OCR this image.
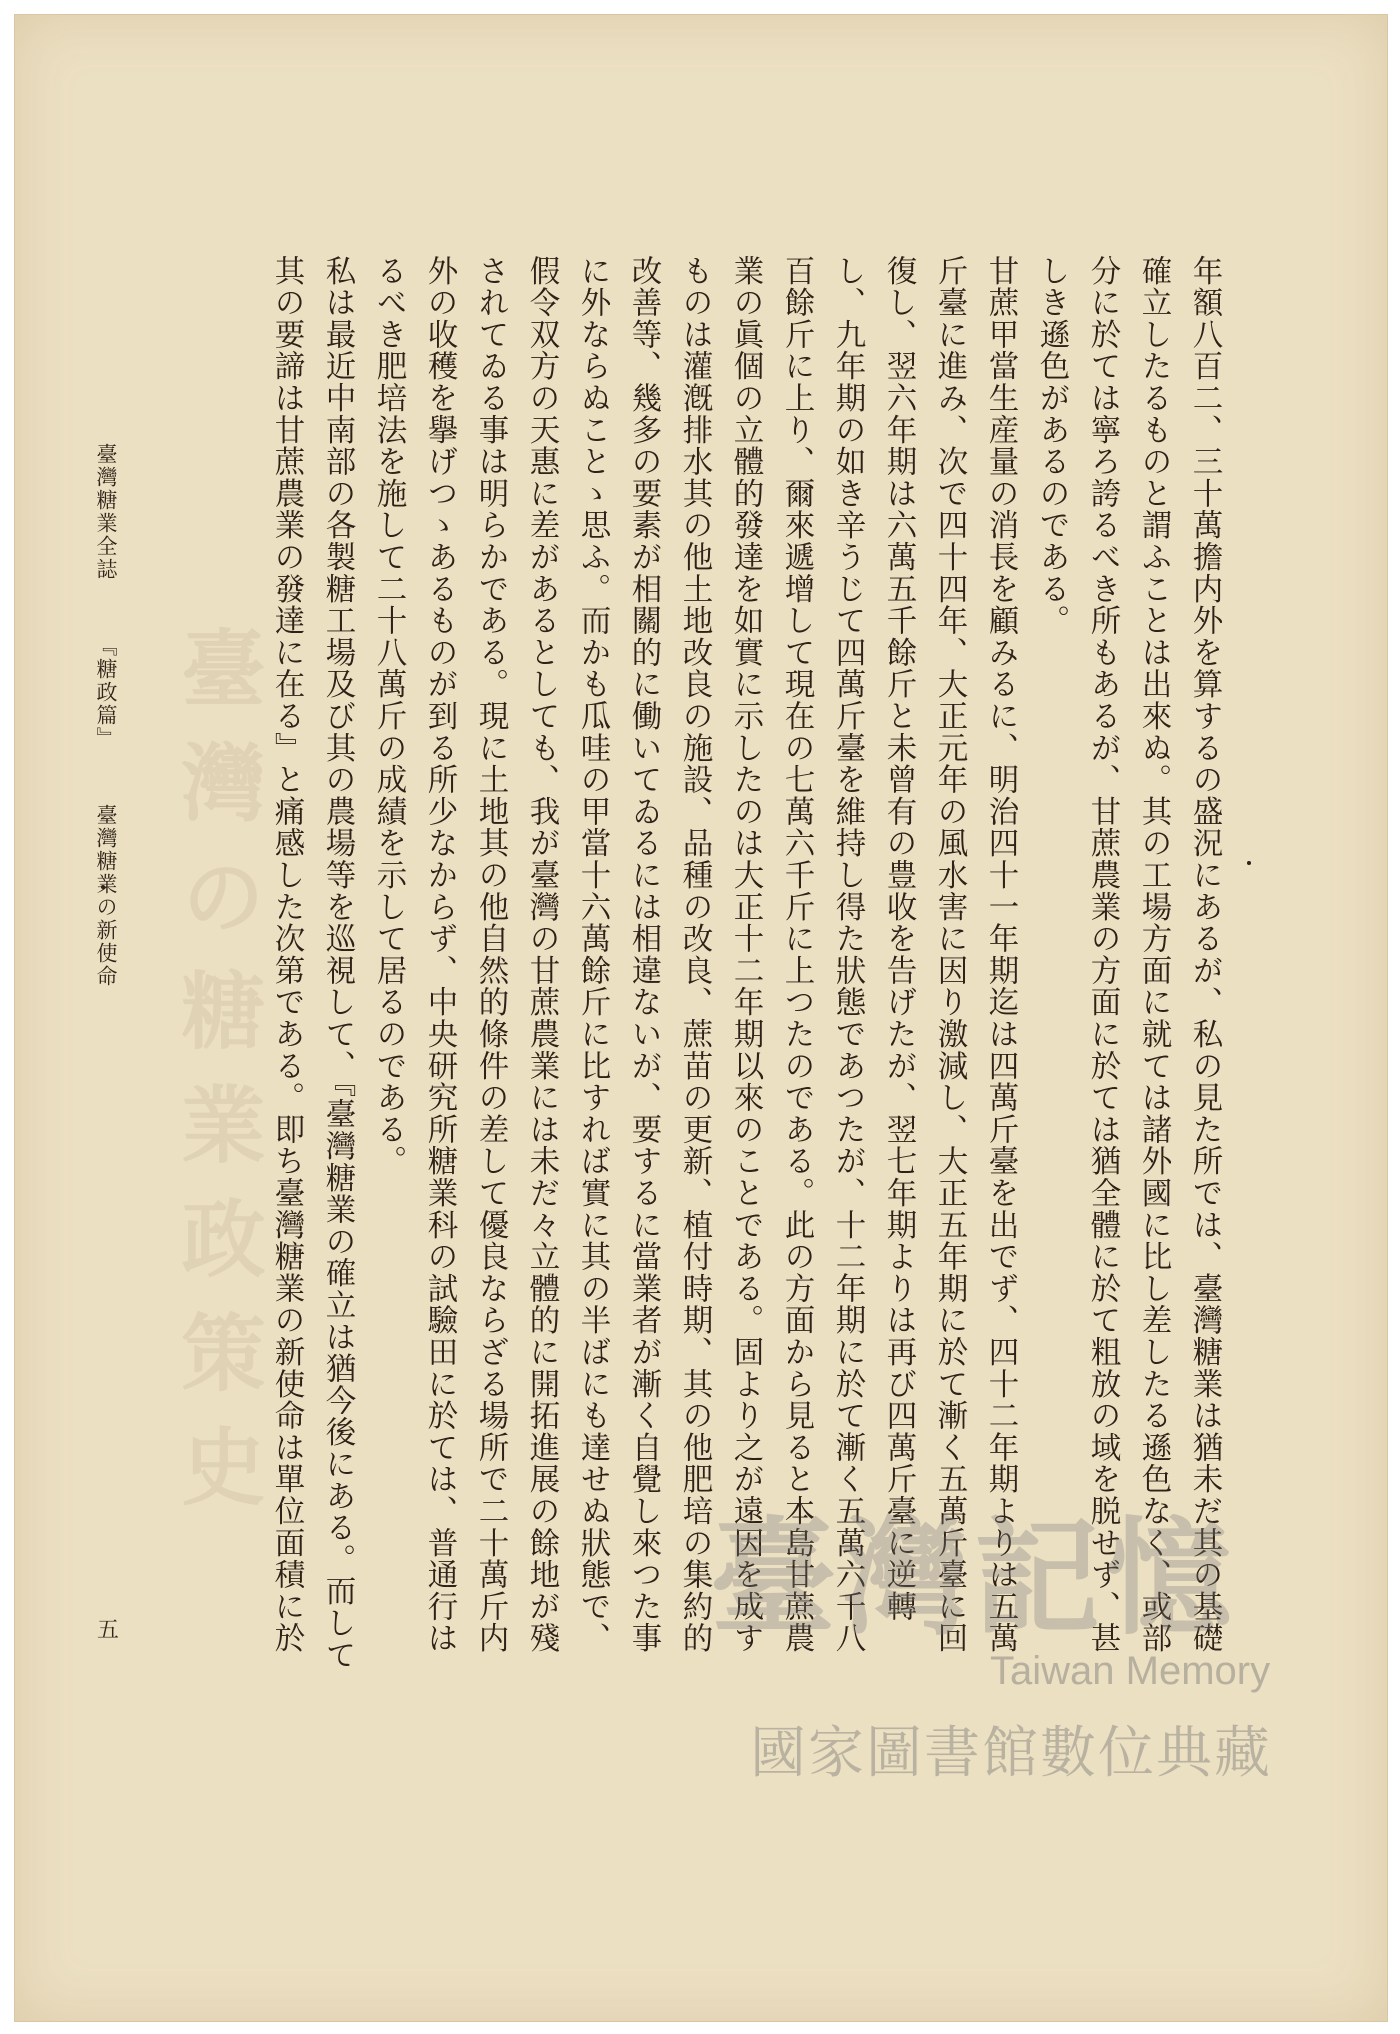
臺灣の糖業政策史	年額八百二、三十萬擔内外を算するの盛況にあるが、私の見た所では、臺灣糖業は猶未だ其の基礎確立したるものと謂ふことは出來ぬ。其の工場方面に就ては諸外國に比し差したる遜色なく、或部分に於ては寧ろ誇るべき所もあるが、甘蔗農業の方面に於ては猶全體に於て粗放の域を脱せず、甚しき遜色があるのである。

甘蔗甲當生産量の消長を顧みるに、明治四十一年期迄は四萬斤臺を出でず、四十二年期よりは五萬斤臺に進み、次で四十四年、大正元年の風水害に因り激減し、大正五年期に於て漸く五萬斤臺に回復し、翌六年期は六萬五千餘斤と未曾有の豊收を告げたが、翌七年期よりは再び四萬斤臺に逆轉し、九年期の如き辛うじて四萬斤臺を維持し得た狀態であつたが、十二年期に於て漸く五萬六千八百餘斤に上り、爾來遞增して現在の七萬六千斤に上つたのである。此の方面から見ると本島甘蔗農業の眞個の立體的發達を如實に示したのは大正十二年期以來のことである。固より之が遠因を成すものは灌漑排水其の他土地改良の施設、品種の改良、蔗苗の更新、植付時期、其の他肥培の集約的改善等、幾多の要素が相關的に働いてゐるには相違ないが、要するに當業者が漸く自覺し來つた事に外ならぬことゝ思ふ。而かも瓜哇の甲當十六萬餘斤に比すれば實に其の半ばにも達せぬ狀態で、假令双方の天惠に差があるとしても、我が臺灣の甘蔗農業には未だ々立體的に開拓進展の餘地が殘されてゐる事は明らかである。現に土地其の他自然的條件の差して優良ならざる場所で二十萬斤内外の收穫を擧げつゝあるものが到る所少なからず、中央研究所糖業科の試驗田に於ては、普通行はるべき肥培法を施して二十八萬斤の成績を示して居るのである。

私は最近中南部の各製糖工場及び其の農場等を巡視して、『臺灣糖業の確立は猶今後にある。而して其の要諦は甘蔗農業の發達に在る』と痛感した次第である。即ち臺灣糖業の新使命は單位面積に於

臺灣糖業全誌 『糖政篇』 臺灣糖業の新使命
五	臺灣記憶
Taiwan Memory
國家圖書館數位典藏
